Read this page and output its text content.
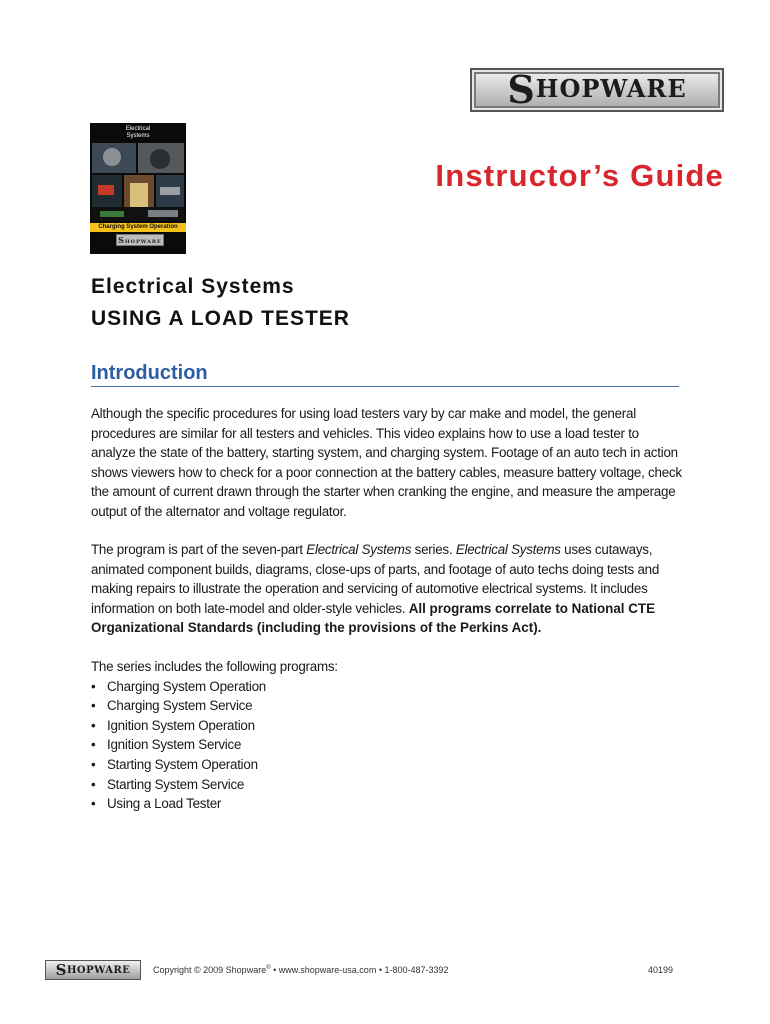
SHOPWARE
Electrical
Systems
Charging System Operation
SHOPWARE
Instructor’s Guide
Electrical Systems
USING A LOAD TESTER
Introduction

Although the specific procedures for using load testers vary by car make and model, the general
procedures are similar for all testers and vehicles. This video explains how to use a load tester to
analyze the state of the battery, starting system, and charging system. Footage of an auto tech in action
shows viewers how to check for a poor connection at the battery cables, measure battery voltage, check
the amount of current drawn through the starter when cranking the engine, and measure the amperage
output of the alternator and voltage regulator.

The program is part of the seven-part Electrical Systems series. Electrical Systems uses cutaways,
animated component builds, diagrams, close-ups of parts, and footage of auto techs doing tests and
making repairs to illustrate the operation and servicing of automotive electrical systems. It includes
information on both late-model and older-style vehicles. All programs correlate to National CTE
Organizational Standards (including the provisions of the Perkins Act).

The series includes the following programs:
• Charging System Operation
• Charging System Service
• Ignition System Operation
• Ignition System Service
• Starting System Operation
• Starting System Service
• Using a Load Tester
SHOPWARE	Copyright © 2009 Shopware® • www.shopware-usa.com • 1-800-487-3392	40199
